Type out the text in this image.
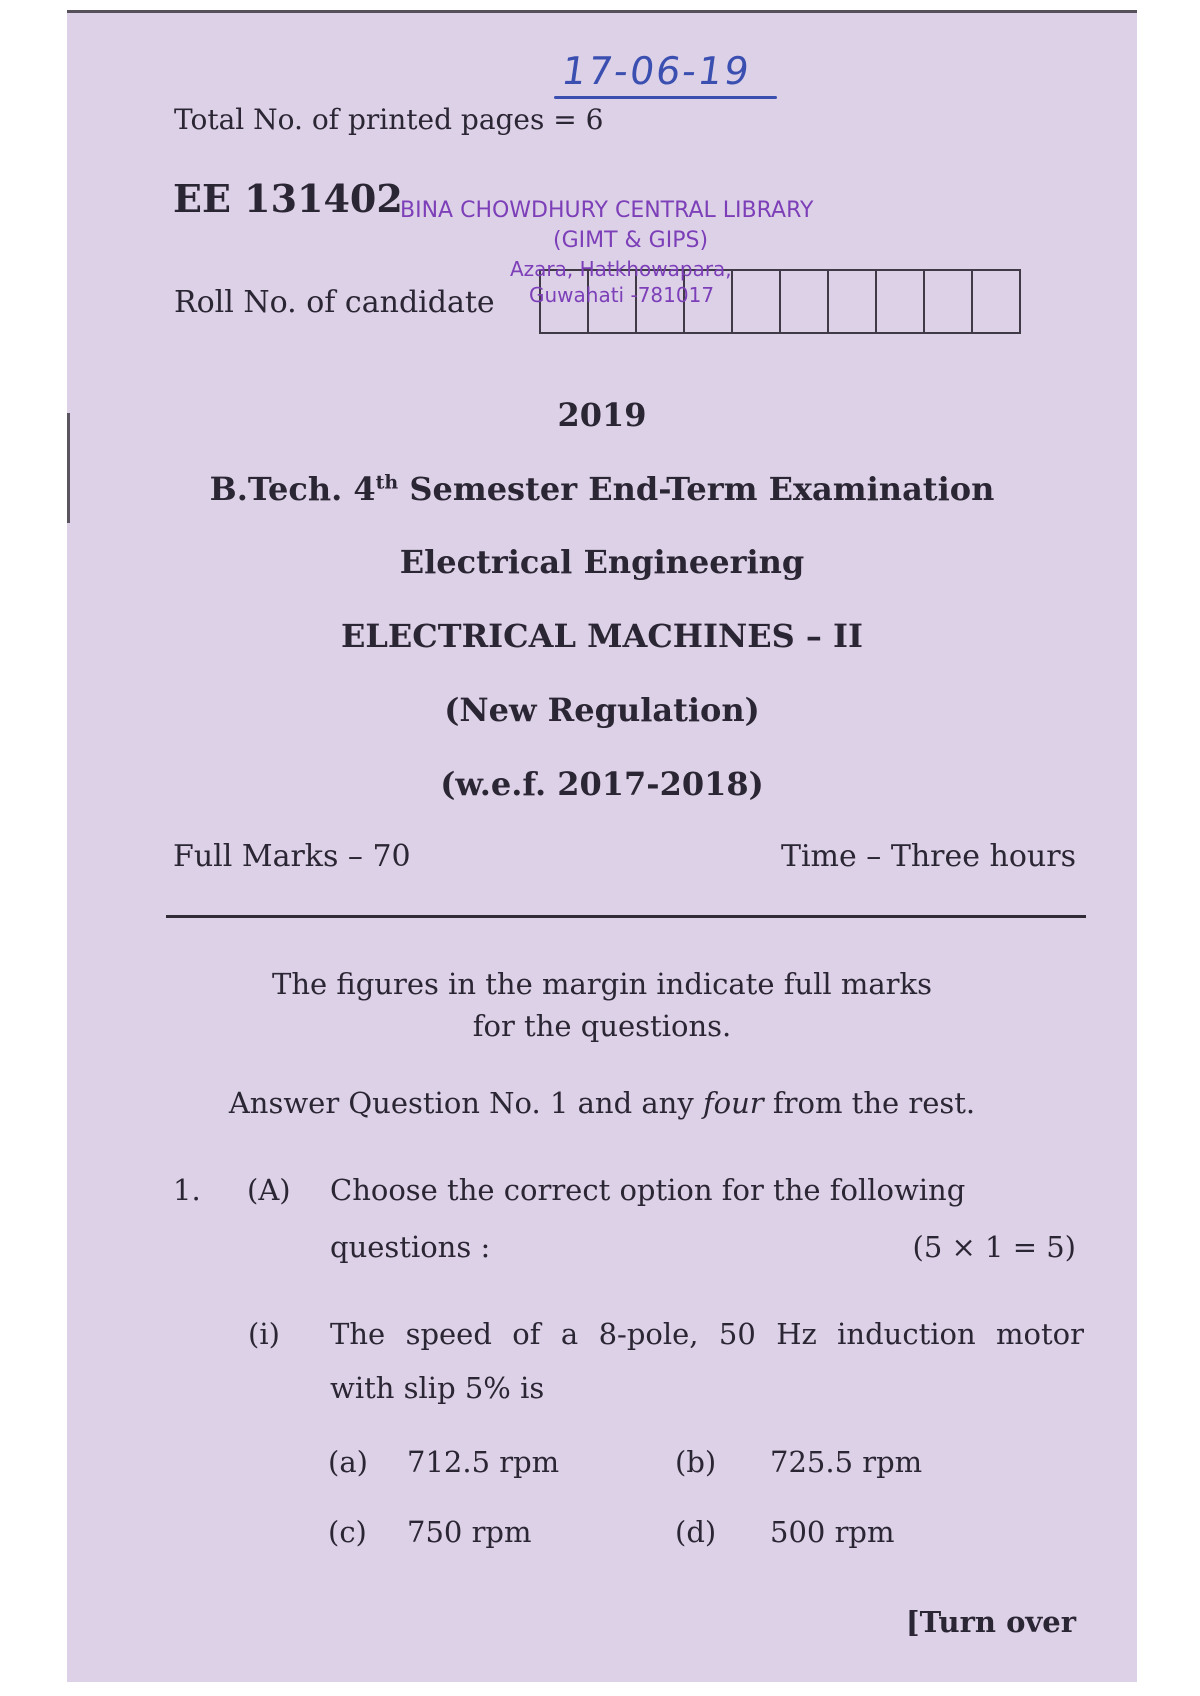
17-06-19
Total No. of printed pages = 6
EE 131402
BINA CHOWDHURY CENTRAL LIBRARY
(GIMT & GIPS)
Roll No. of candidate
Azara, Hatkhowapara,
Guwahati -781017
2019
B.Tech. 4th Semester End-Term Examination
Electrical Engineering
ELECTRICAL MACHINES – II
(New Regulation)
(w.e.f. 2017-2018)
Full Marks – 70	Time – Three hours
The figures in the margin indicate full marks
for the questions.
Answer Question No. 1 and any four from the rest.
1. (A) Choose the correct option for the following
questions :	(5 × 1 = 5)
(i) The speed of a 8-pole, 50 Hz induction motor
with slip 5% is
(a) 712.5 rpm	(b) 725.5 rpm
(c) 750 rpm	(d) 500 rpm
[Turn over
